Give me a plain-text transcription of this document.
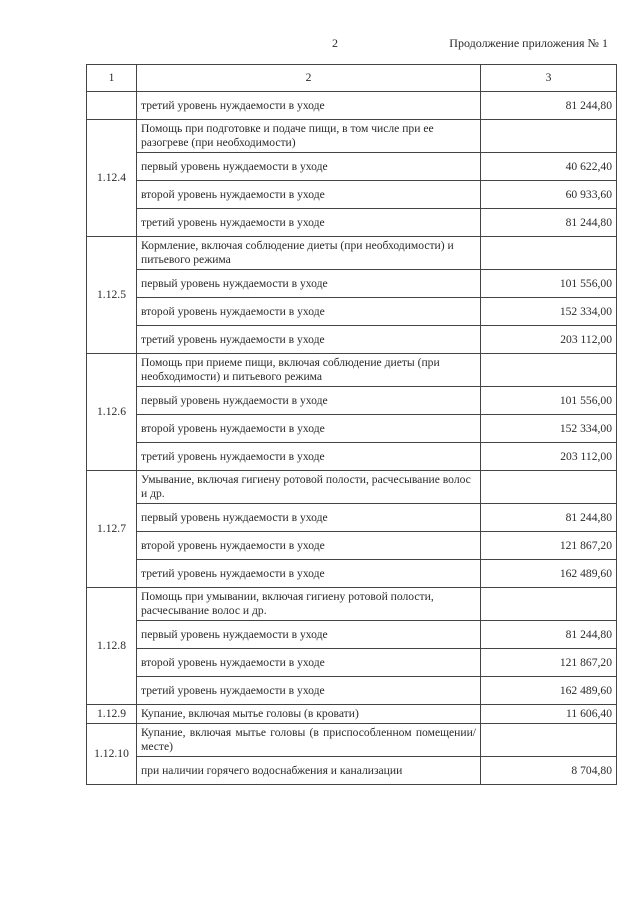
2	Продолжение приложения № 1
1	2	3
	третий уровень нуждаемости в уходе	81 244,80
1.12.4	Помощь при подготовке и подаче пищи, в том числе при ее разогреве (при необходимости)	
	первый уровень нуждаемости в уходе	40 622,40
	второй уровень нуждаемости в уходе	60 933,60
	третий уровень нуждаемости в уходе	81 244,80
1.12.5	Кормление, включая соблюдение диеты (при необходимости) и питьевого режима	
	первый уровень нуждаемости в уходе	101 556,00
	второй уровень нуждаемости в уходе	152 334,00
	третий уровень нуждаемости в уходе	203 112,00
1.12.6	Помощь при приеме пищи, включая соблюдение диеты (при необходимости) и питьевого режима	
	первый уровень нуждаемости в уходе	101 556,00
	второй уровень нуждаемости в уходе	152 334,00
	третий уровень нуждаемости в уходе	203 112,00
1.12.7	Умывание, включая гигиену ротовой полости, расчесывание волос и др.	
	первый уровень нуждаемости в уходе	81 244,80
	второй уровень нуждаемости в уходе	121 867,20
	третий уровень нуждаемости в уходе	162 489,60
1.12.8	Помощь при умывании, включая гигиену ротовой полости, расчесывание волос и др.	
	первый уровень нуждаемости в уходе	81 244,80
	второй уровень нуждаемости в уходе	121 867,20
	третий уровень нуждаемости в уходе	162 489,60
1.12.9	Купание, включая мытье головы (в кровати)	11 606,40
1.12.10	Купание, включая мытье головы (в приспособленном помещении/месте)	
	при наличии горячего водоснабжения и канализации	8 704,80
